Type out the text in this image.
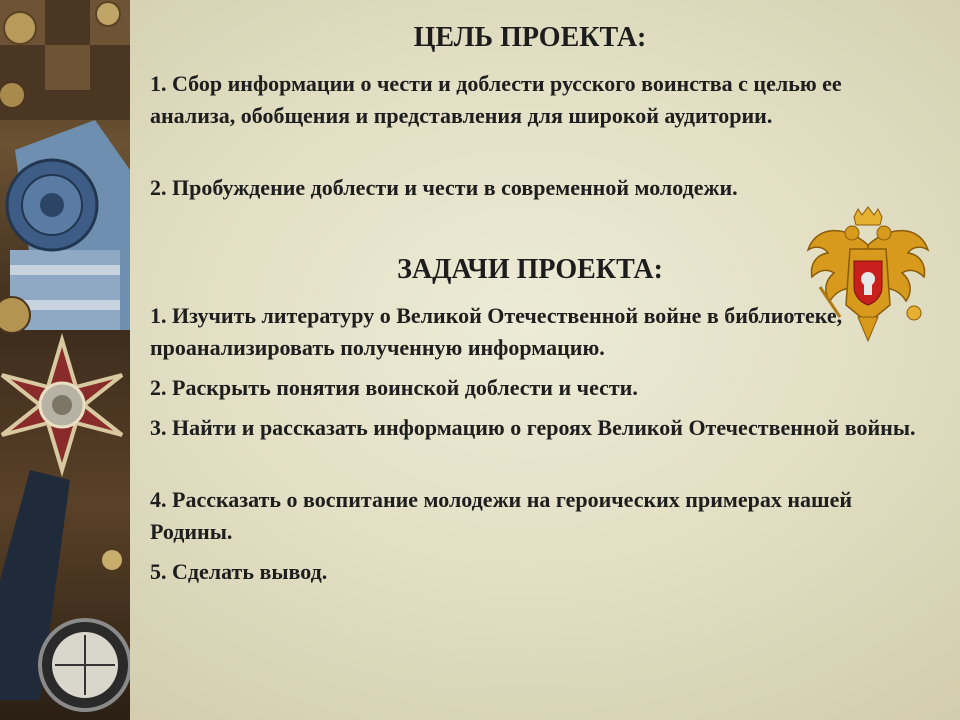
ЦЕЛЬ ПРОЕКТА:

1. Сбор информации о чести и доблести русского воинства с целью ее анализа, обобщения и представления для широкой аудитории.

2. Пробуждение доблести и чести в современной молодежи.

ЗАДАЧИ ПРОЕКТА:

1. Изучить литературу о Великой Отечественной войне в библиотеке, проанализировать полученную информацию.

2. Раскрыть понятия воинской доблести и чести.

3. Найти и рассказать информацию о героях Великой Отечественной войны.

4. Рассказать о воспитание молодежи на героических примерах нашей Родины.

5. Сделать вывод.
